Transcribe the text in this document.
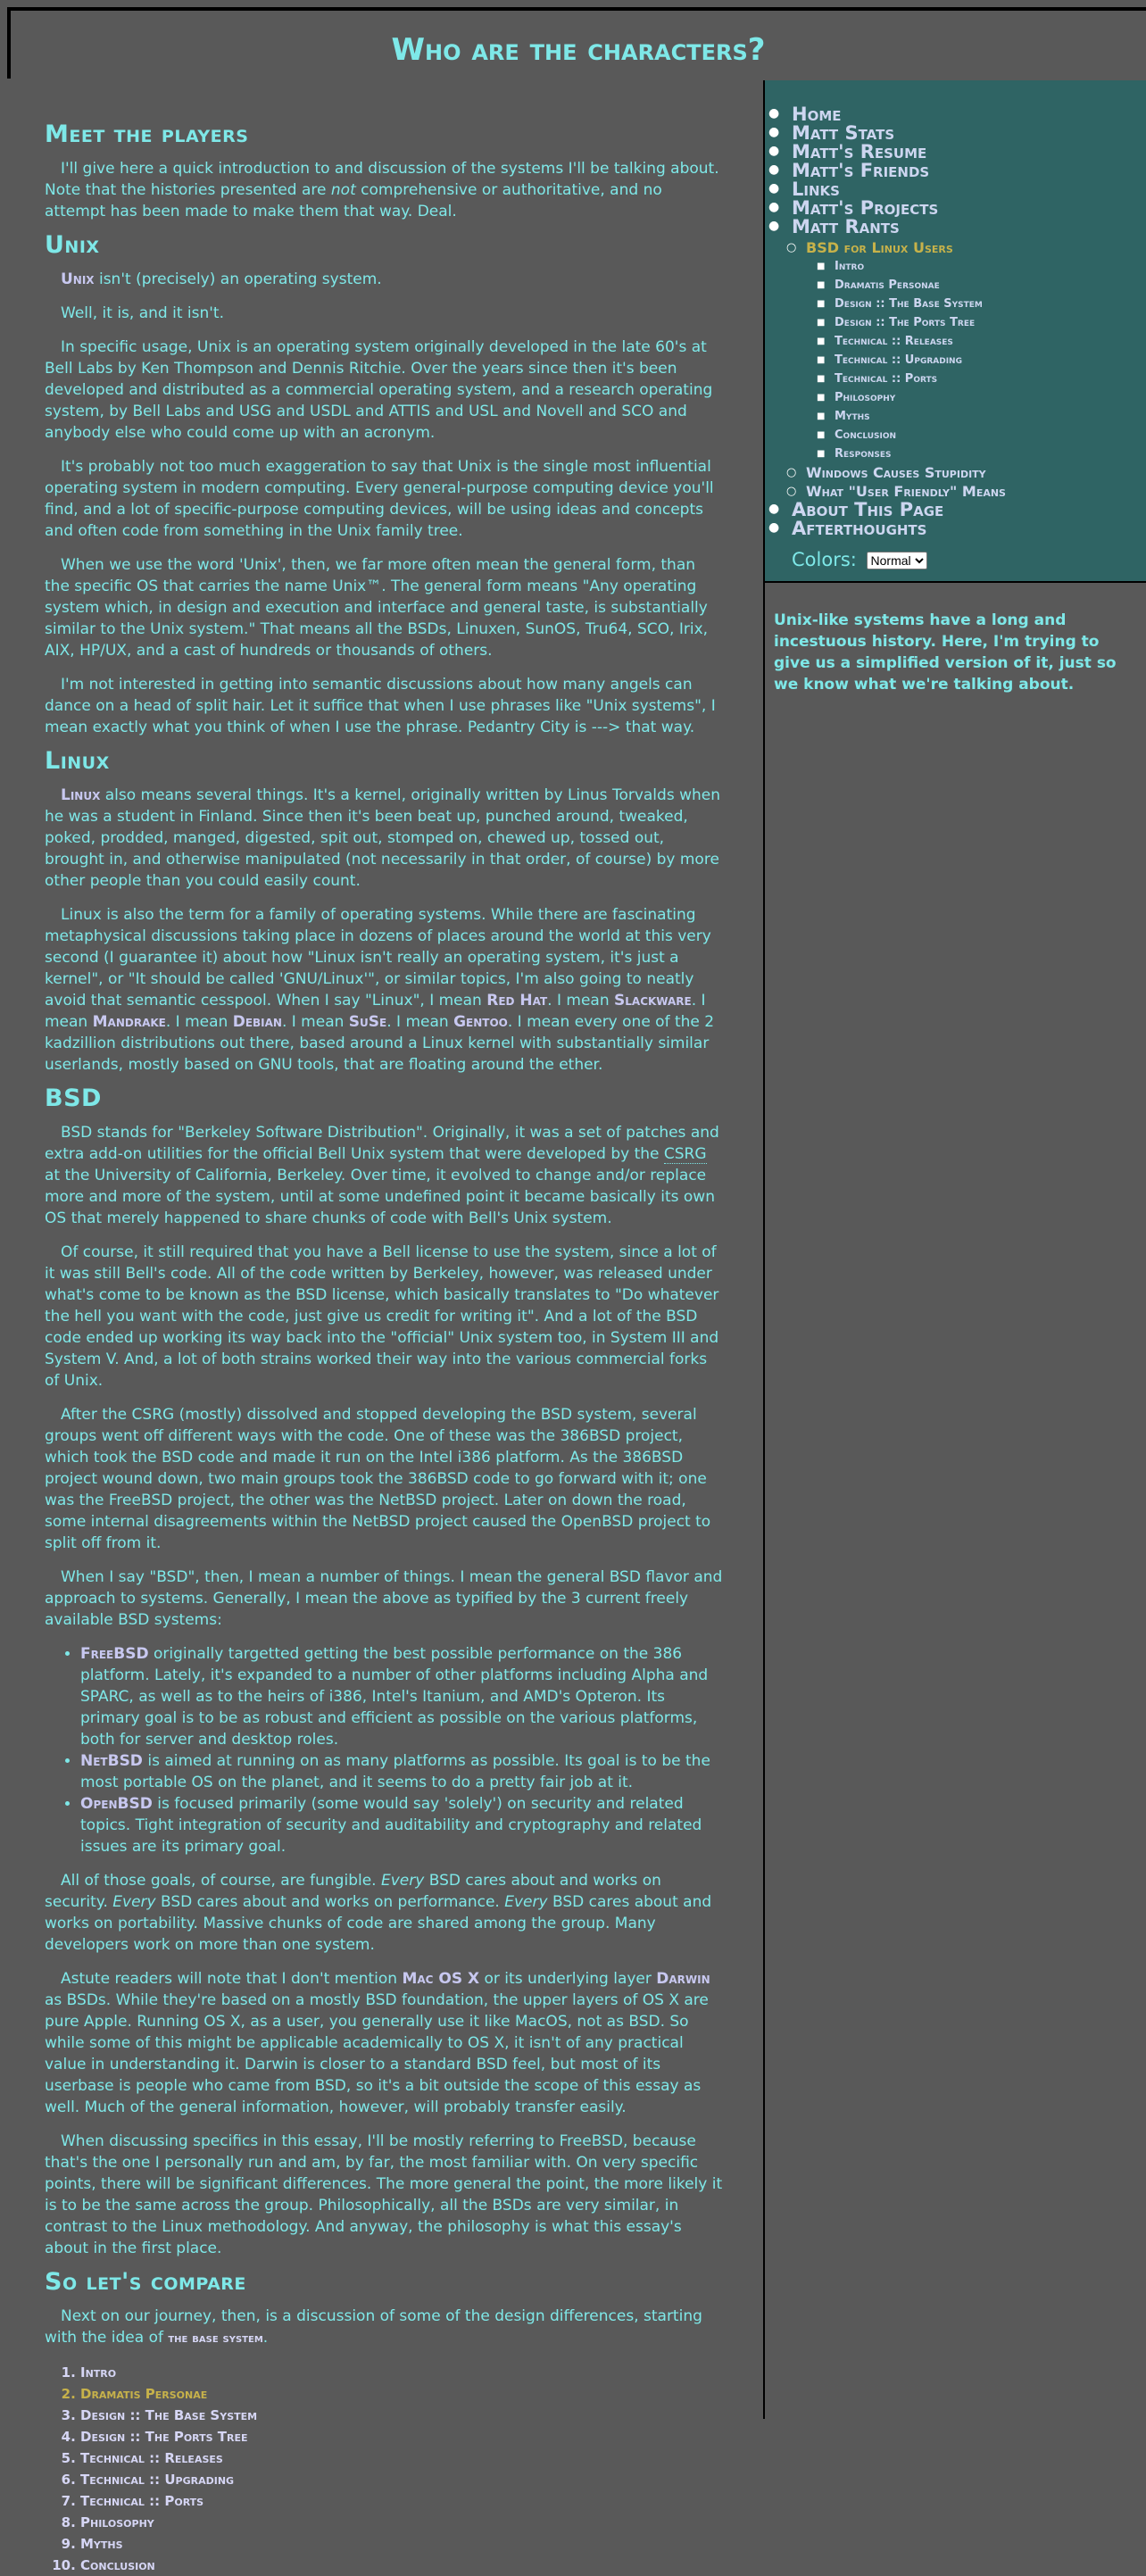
Who are the characters?
Meet the players

I'll give here a quick introduction to and discussion of the systems I'll be talking about. Note that the histories presented are not comprehensive or authoritative, and no attempt has been made to make them that way. Deal.

Unix

Unix isn't (precisely) an operating system.

Well, it is, and it isn't.

In specific usage, Unix is an operating system originally developed in the late 60's at Bell Labs by Ken Thompson and Dennis Ritchie. Over the years since then it's been developed and distributed as a commercial operating system, and a research operating system, by Bell Labs and USG and USDL and ATTIS and USL and Novell and SCO and anybody else who could come up with an acronym.

It's probably not too much exaggeration to say that Unix is the single most influential operating system in modern computing. Every general-purpose computing device you'll find, and a lot of specific-purpose computing devices, will be using ideas and concepts and often code from something in the Unix family tree.

When we use the word 'Unix', then, we far more often mean the general form, than the specific OS that carries the name Unix™. The general form means "Any operating system which, in design and execution and interface and general taste, is substantially similar to the Unix system." That means all the BSDs, Linuxen, SunOS, Tru64, SCO, Irix, AIX, HP/UX, and a cast of hundreds or thousands of others.

I'm not interested in getting into semantic discussions about how many angels can dance on a head of split hair. Let it suffice that when I use phrases like "Unix systems", I mean exactly what you think of when I use the phrase. Pedantry City is ---> that way.

Linux

Linux also means several things. It's a kernel, originally written by Linus Torvalds when he was a student in Finland. Since then it's been beat up, punched around, tweaked, poked, prodded, manged, digested, spit out, stomped on, chewed up, tossed out, brought in, and otherwise manipulated (not necessarily in that order, of course) by more other people than you could easily count.

Linux is also the term for a family of operating systems. While there are fascinating metaphysical discussions taking place in dozens of places around the world at this very second (I guarantee it) about how "Linux isn't really an operating system, it's just a kernel", or "It should be called 'GNU/Linux'", or similar topics, I'm also going to neatly avoid that semantic cesspool. When I say "Linux", I mean Red Hat. I mean Slackware. I mean Mandrake. I mean Debian. I mean SuSe. I mean Gentoo. I mean every one of the 2 kadzillion distributions out there, based around a Linux kernel with substantially similar userlands, mostly based on GNU tools, that are floating around the ether.

BSD

BSD stands for "Berkeley Software Distribution". Originally, it was a set of patches and extra add-on utilities for the official Bell Unix system that were developed by the CSRG at the University of California, Berkeley. Over time, it evolved to change and/or replace more and more of the system, until at some undefined point it became basically its own OS that merely happened to share chunks of code with Bell's Unix system.

Of course, it still required that you have a Bell license to use the system, since a lot of it was still Bell's code. All of the code written by Berkeley, however, was released under what's come to be known as the BSD license, which basically translates to "Do whatever the hell you want with the code, just give us credit for writing it". And a lot of the BSD code ended up working its way back into the "official" Unix system too, in System III and System V. And, a lot of both strains worked their way into the various commercial forks of Unix.

After the CSRG (mostly) dissolved and stopped developing the BSD system, several groups went off different ways with the code. One of these was the 386BSD project, which took the BSD code and made it run on the Intel i386 platform. As the 386BSD project wound down, two main groups took the 386BSD code to go forward with it; one was the FreeBSD project, the other was the NetBSD project. Later on down the road, some internal disagreements within the NetBSD project caused the OpenBSD project to split off from it.

When I say "BSD", then, I mean a number of things. I mean the general BSD flavor and approach to systems. Generally, I mean the above as typified by the 3 current freely available BSD systems:

• FreeBSD originally targetted getting the best possible performance on the 386 platform. Lately, it's expanded to a number of other platforms including Alpha and SPARC, as well as to the heirs of i386, Intel's Itanium, and AMD's Opteron. Its primary goal is to be as robust and efficient as possible on the various platforms, both for server and desktop roles.
• NetBSD is aimed at running on as many platforms as possible. Its goal is to be the most portable OS on the planet, and it seems to do a pretty fair job at it.
• OpenBSD is focused primarily (some would say 'solely') on security and related topics. Tight integration of security and auditability and cryptography and related issues are its primary goal.

All of those goals, of course, are fungible. Every BSD cares about and works on security. Every BSD cares about and works on performance. Every BSD cares about and works on portability. Massive chunks of code are shared among the group. Many developers work on more than one system.

Astute readers will note that I don't mention Mac OS X or its underlying layer Darwin as BSDs. While they're based on a mostly BSD foundation, the upper layers of OS X are pure Apple. Running OS X, as a user, you generally use it like MacOS, not as BSD. So while some of this might be applicable academically to OS X, it isn't of any practical value in understanding it. Darwin is closer to a standard BSD feel, but most of its userbase is people who came from BSD, so it's a bit outside the scope of this essay as well. Much of the general information, however, will probably transfer easily.

When discussing specifics in this essay, I'll be mostly referring to FreeBSD, because that's the one I personally run and am, by far, the most familiar with. On very specific points, there will be significant differences. The more general the point, the more likely it is to be the same across the group. Philosophically, all the BSDs are very similar, in contrast to the Linux methodology. And anyway, the philosophy is what this essay's about in the first place.

So let's compare

Next on our journey, then, is a discussion of some of the design differences, starting with the idea of the base system.

1. Intro
2. Dramatis Personae
3. Design :: The Base System
4. Design :: The Ports Tree
5. Technical :: Releases
6. Technical :: Upgrading
7. Technical :: Ports
8. Philosophy
9. Myths
10. Conclusion
● Home
● Matt Stats
● Matt's Resume
● Matt's Friends
● Links
● Matt's Projects
● Matt Rants
○ BSD for Linux Users
■ Intro
■ Dramatis Personae
■ Design :: The Base System
■ Design :: The Ports Tree
■ Technical :: Releases
■ Technical :: Upgrading
■ Technical :: Ports
■ Philosophy
■ Myths
■ Conclusion
■ Responses
○ Windows Causes Stupidity
○ What "User Friendly" Means
● About This Page
● Afterthoughts
Colors:
Normal
Unix-like systems have a long and incestuous history. Here, I'm trying to give us a simplified version of it, just so we know what we're talking about.
